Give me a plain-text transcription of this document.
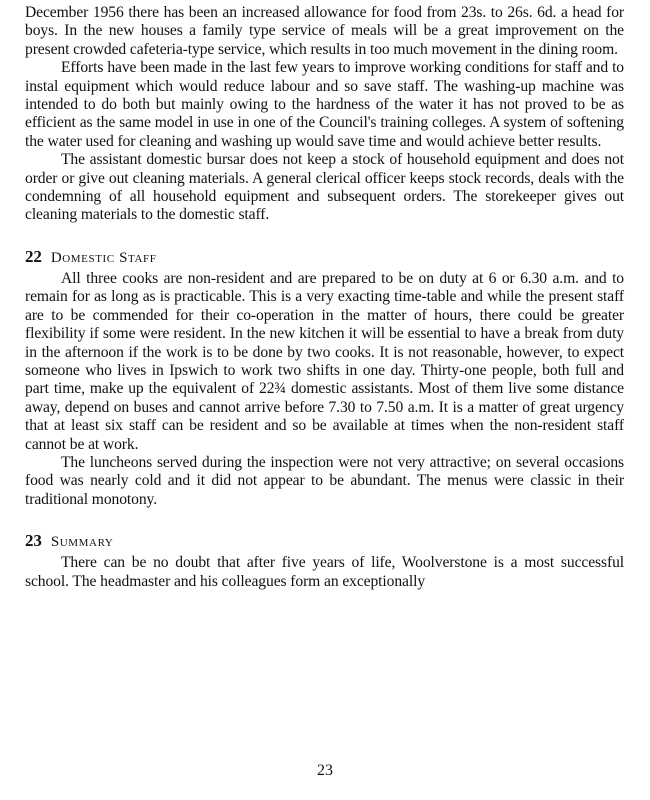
December 1956 there has been an increased allowance for food from 23s. to 26s. 6d. a head for boys. In the new houses a family type service of meals will be a great improvement on the present crowded cafeteria-type service, which results in too much movement in the dining room.

Efforts have been made in the last few years to improve working conditions for staff and to instal equipment which would reduce labour and so save staff. The washing-up machine was intended to do both but mainly owing to the hardness of the water it has not proved to be as efficient as the same model in use in one of the Council's training colleges. A system of softening the water used for cleaning and washing up would save time and would achieve better results.

The assistant domestic bursar does not keep a stock of household equipment and does not order or give out cleaning materials. A general clerical officer keeps stock records, deals with the condemning of all household equipment and subsequent orders. The storekeeper gives out cleaning materials to the domestic staff.

22 Domestic Staff

All three cooks are non-resident and are prepared to be on duty at 6 or 6.30 a.m. and to remain for as long as is practicable. This is a very exacting time-table and while the present staff are to be commended for their co-operation in the matter of hours, there could be greater flexibility if some were resident. In the new kitchen it will be essential to have a break from duty in the afternoon if the work is to be done by two cooks. It is not reasonable, however, to expect someone who lives in Ipswich to work two shifts in one day. Thirty-one people, both full and part time, make up the equivalent of 22¾ domestic assistants. Most of them live some distance away, depend on buses and cannot arrive before 7.30 to 7.50 a.m. It is a matter of great urgency that at least six staff can be resident and so be available at times when the non-resident staff cannot be at work.

The luncheons served during the inspection were not very attractive; on several occasions food was nearly cold and it did not appear to be abundant. The menus were classic in their traditional monotony.

23 Summary

There can be no doubt that after five years of life, Woolverstone is a most successful school. The headmaster and his colleagues form an exceptionally

23
